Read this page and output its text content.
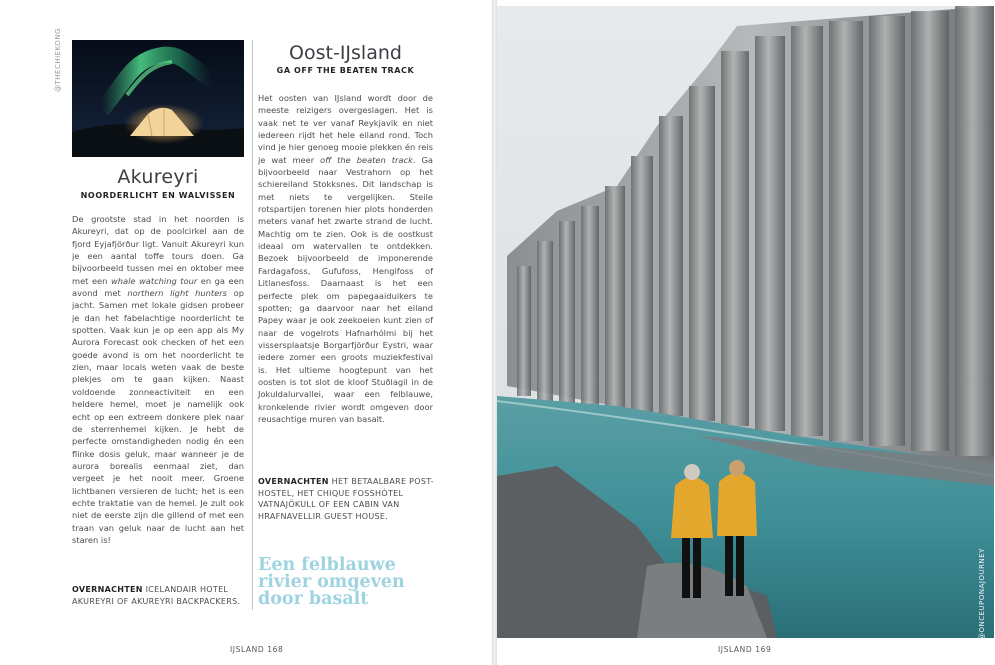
@THECHIEKONG
Akureyri
NOORDERLICHT EN WALVISSEN

De grootste stad in het noorden is Akureyri, dat op de poolcirkel aan de fjord Eyjafjörður ligt. Vanuit Akureyri kun je een aantal toffe tours doen. Ga bijvoorbeeld tussen mei en oktober mee met een whale watching tour en ga een avond met northern light hunters op jacht. Samen met lokale gidsen probeer je dan het fabelachtige noorderlicht te spotten. Vaak kun je op een app als My Aurora Forecast ook checken of het een goede avond is om het noorderlicht te zien, maar locals weten vaak de beste plekjes om te gaan kijken. Naast voldoende zonneactiviteit en een heldere hemel, moet je namelijk ook echt op een extreem donkere plek naar de sterrenhemel kijken. Je hebt de perfecte omstandigheden nodig én een flinke dosis geluk, maar wanneer je de aurora borealis eenmaal ziet, dan vergeet je het nooit meer. Groene lichtbanen versieren de lucht; het is een echte traktatie van de hemel. Je zult ook niet de eerste zijn die gillend of met een traan van geluk naar de lucht aan het staren is!

OVERNACHTEN ICELANDAIR HOTEL AKUREYRI OF AKUREYRI BACKPACKERS.
Oost-IJsland
GA OFF THE BEATEN TRACK

Het oosten van IJsland wordt door de meeste reizigers overgeslagen. Het is vaak net te ver vanaf Reykjavik en niet iedereen rijdt het hele eiland rond. Toch vind je hier genoeg mooie plekken én reis je wat meer off the beaten track. Ga bijvoorbeeld naar Vestrahorn op het schiereiland Stokksnes. Dit landschap is met niets te vergelijken. Steile rotspartijen torenen hier plots honderden meters vanaf het zwarte strand de lucht. Machtig om te zien. Ook is de oostkust ideaal om watervallen te ontdekken. Bezoek bijvoorbeeld de imponerende Fardagafoss, Gufufoss, Hengifoss of Litlanesfoss. Daarnaast is het een perfecte plek om papegaaiduikers te spotten; ga daarvoor naar het eiland Papey waar je ook zeekoeien kunt zien of naar de vogelrots Hafnarhólmi bij het vissersplaatsje Borgarfjörður Eystri, waar iedere zomer een groots muziekfestival is. Het ultieme hoogtepunt van het oosten is tot slot de kloof Stuðlagil in de Jokuldalurvallei, waar een felblauwe, kronkelende rivier wordt omgeven door reusachtige muren van basalt.

OVERNACHTEN HET BETAALBARE POST-HOSTEL, HET CHIQUE FOSSHÓTEL VATNAJÖKULL OF EEN CABIN VAN HRAFNAVELLIR GUEST HOUSE.
Een felblauwe rivier omgeven door basalt
IJSLAND 168
@ONCEUPONAJOURNEY
IJSLAND 169
